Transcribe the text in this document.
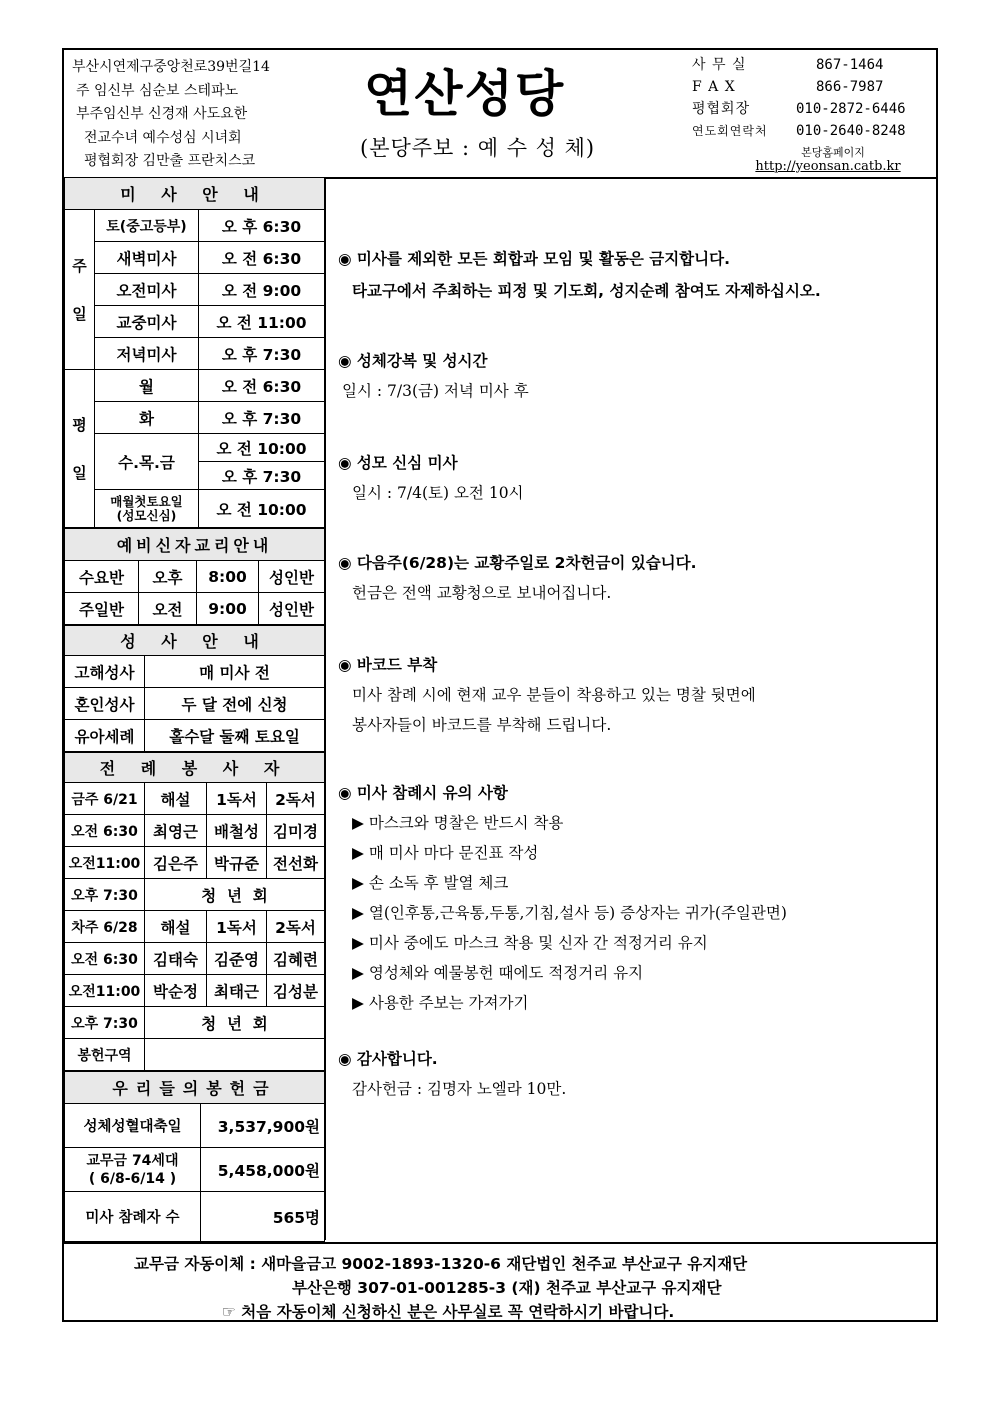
부산시연제구중앙천로39번길14
주 임신부 심순보 스테파노
부주임신부 신경재 사도요한
전교수녀 예수성심 시녀회
평협회장 김만출 프란치스코
연산성당
(본당주보 : 예 수 성 체)
사 무 실	867-1464
F A X	866-7987
평협회장	010-2872-6446
연도회연락처	010-2640-8248
본당홈페이지
http://yeonsan.catb.kr
미 사 안 내		
주

일	토(중고등부)	오 후 6:30
	새벽미사	오 전 6:30
	오전미사	오 전 9:00
	교중미사	오 전 11:00
	저녁미사	오 후 7:30
평

일	월	오 전 6:30
	화	오 후 7:30
	수.목.금	오 전 10:00
		오 후 7:30
	매월첫토요일
(성모신심)	오 전 10:00
예비신자교리안내			
수요반	오후	8:00	성인반
주일반	오전	9:00	성인반
성 사 안 내	
고해성사	매 미사 전
혼인성사	두 달 전에 신청
유아세례	홀수달 둘째 토요일
전 례 봉 사 자			
금주 6/21	해설	1독서	2독서
오전 6:30	최영근	배철성	김미경
오전11:00	김은주	박규준	전선화
오후 7:30	청  년  회		
차주 6/28	해설	1독서	2독서
오전 6:30	김태숙	김준영	김혜련
오전11:00	박순정	최태근	김성분
오후 7:30	청  년  회		
봉헌구역			
우리들의봉헌금	
성체성혈대축일	3,537,900원
교무금 74세대
( 6/8-6/14 )	5,458,000원
미사 참례자 수	565명
◉ 미사를 제외한 모든 회합과 모임 및 활동은 금지합니다.
타교구에서 주최하는 피정 및 기도회, 성지순례 참여도 자제하십시오.
◉ 성체강복 및 성시간
일시 : 7/3(금) 저녁 미사 후
◉ 성모 신심 미사
일시 : 7/4(토) 오전 10시
◉ 다음주(6/28)는 교황주일로 2차헌금이 있습니다.
헌금은 전액 교황청으로 보내어집니다.
◉ 바코드 부착
미사 참례 시에 현재 교우 분들이 착용하고 있는 명찰 뒷면에
봉사자들이 바코드를 부착해 드립니다.
◉ 미사 참례시 유의 사항
▶ 마스크와 명찰은 반드시 착용
▶ 매 미사 마다 문진표 작성
▶ 손 소독 후 발열 체크
▶ 열(인후통,근육통,두통,기침,설사 등) 증상자는 귀가(주일관면)
▶ 미사 중에도 마스크 착용 및 신자 간 적정거리 유지
▶ 영성체와 예물봉헌 때에도 적정거리 유지
▶ 사용한 주보는 가져가기
◉ 감사합니다.
감사헌금 : 김명자 노엘라 10만.
교무금 자동이체 : 새마을금고 9002-1893-1320-6 재단법인 천주교 부산교구 유지재단
부산은행 307-01-001285-3 (재) 천주교 부산교구 유지재단
☞ 처음 자동이체 신청하신 분은 사무실로 꼭 연락하시기 바랍니다.
